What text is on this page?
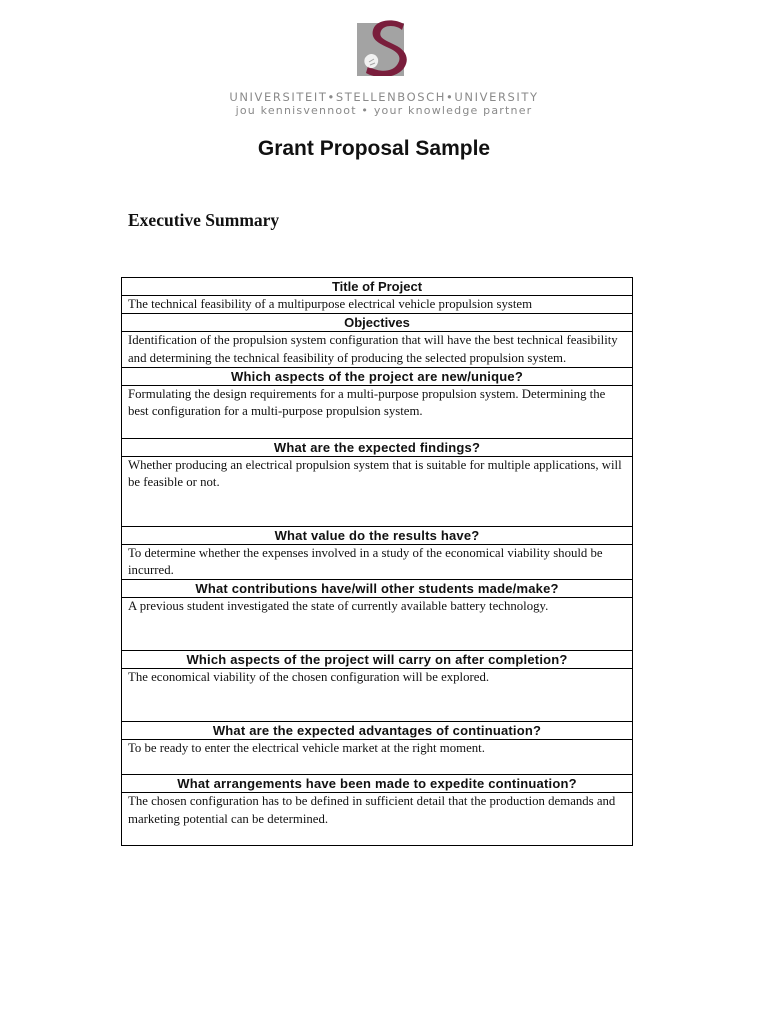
UNIVERSITEIT•STELLENBOSCH•UNIVERSITY
jou kennisvennoot • your knowledge partner
Grant Proposal Sample
Executive Summary
Title of Project
The technical feasibility of a multipurpose electrical vehicle propulsion system
Objectives
Identification of the propulsion system configuration that will have the best technical feasibility and determining the technical feasibility of producing the selected propulsion system.
Which aspects of the project are new/unique?
Formulating the design requirements for a multi-purpose propulsion system. Determining the best configuration for a multi-purpose propulsion system.
What are the expected findings?
Whether producing an electrical propulsion system that is suitable for multiple applications, will be feasible or not.
What value do the results have?
To determine whether the expenses involved in a study of the economical viability should be incurred.
What contributions have/will other students made/make?
A previous student investigated the state of currently available battery technology.
Which aspects of the project will carry on after completion?
The economical viability of the chosen configuration will be explored.
What are the expected advantages of continuation?
To be ready to enter the electrical vehicle market at the right moment.
What arrangements have been made to expedite continuation?
The chosen configuration has to be defined in sufficient detail that the production demands and marketing potential can be determined.
